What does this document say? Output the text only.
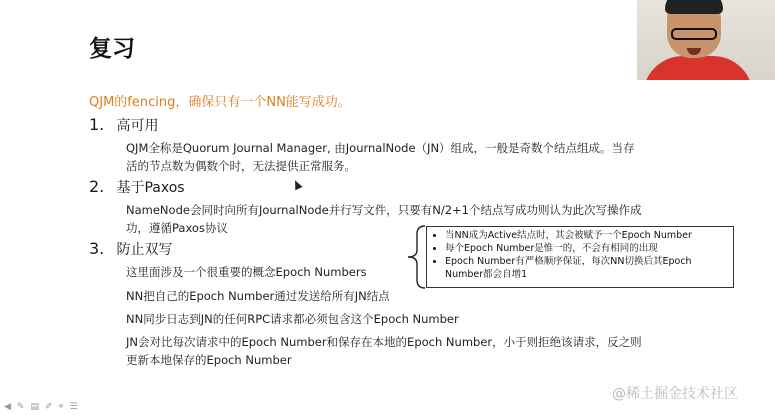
复习
QJM的fencing，确保只有一个NN能写成功。
1. 高可用
QJM全称是Quorum Journal Manager, 由JournalNode（JN）组成，一般是奇数个结点组成。当存
活的节点数为偶数个时，无法提供正常服务。
2. 基于Paxos
NameNode会同时向所有JournalNode并行写文件，只要有N/2+1个结点写成功则认为此次写操作成
功，遵循Paxos协议
3. 防止双写
这里面涉及一个很重要的概念Epoch Numbers
NN把自己的Epoch Number通过发送给所有JN结点
NN同步日志到JN的任何RPC请求都必须包含这个Epoch Number
JN会对比每次请求中的Epoch Number和保存在本地的Epoch Number，小于则拒绝该请求，反之则
更新本地保存的Epoch Number
• 当NN成为Active结点时，其会被赋予一个Epoch Number
• 每个Epoch Number是惟一的，不会有相同的出现
• Epoch Number有严格顺序保证，每次NN切换后其Epoch Number都会自增1
◀ ✎ ▤ ✐ ⌖ ☰
@稀土掘金技术社区
